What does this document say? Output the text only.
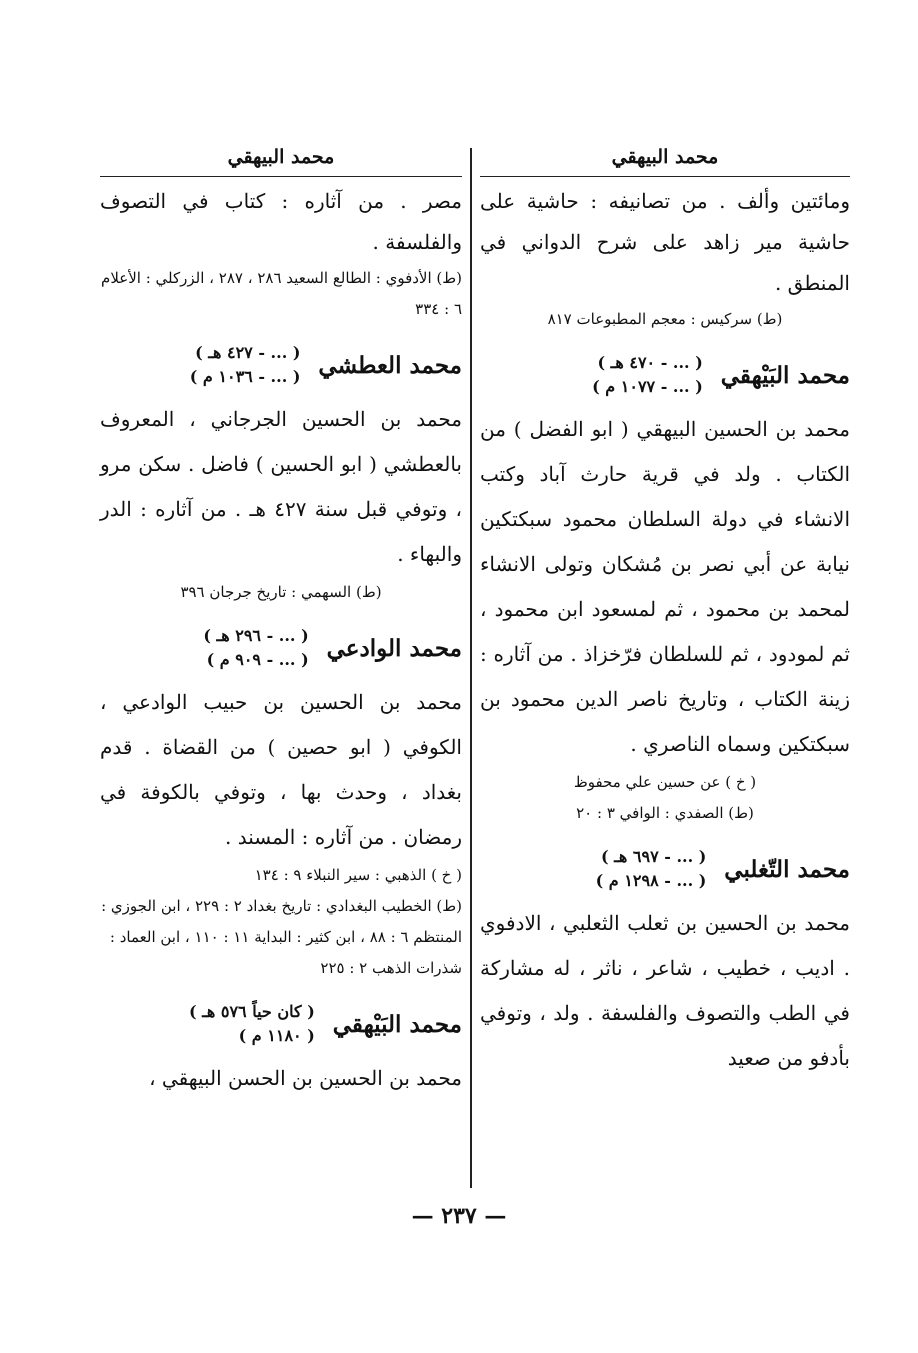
محمد البيهقي
ومائتين وألف . من تصانيفه : حاشية على حاشية مير زاهد على شرح الدواني في المنطق .
(ط) سركيس : معجم المطبوعات ٨١٧
محمد البَيْهقي
( ... - ٤٧٠ هـ )
( ... - ١٠٧٧ م )
محمد بن الحسين البيهقي ( ابو الفضل ) من الكتاب . ولد في قرية حارث آباد وكتب الانشاء في دولة السلطان محمود سبكتكين نيابة عن أبي نصر بن مُشكان وتولى الانشاء لمحمد بن محمود ، ثم لمسعود ابن محمود ، ثم لمودود ، ثم للسلطان فرّخزاذ . من آثاره : زينة الكتاب ، وتاريخ ناصر الدين محمود بن سبكتكين وسماه الناصري .
( خ ) عن حسين علي محفوظ
(ط) الصفدي : الوافي ٣ : ٢٠
محمد التّغلبي
( ... - ٦٩٧ هـ )
( ... - ١٢٩٨ م )
محمد بن الحسين بن ثعلب الثعلبي ، الادفوي . اديب ، خطيب ، شاعر ، ناثر ، له مشاركة في الطب والتصوف والفلسفة . ولد ، وتوفي بأدفو من صعيد
محمد البيهقي
مصر . من آثاره : كتاب في التصوف والفلسفة .
(ط) الأدفوي : الطالع السعيد ٢٨٦ ، ٢٨٧ ، الزركلي : الأعلام ٦ : ٣٣٤
محمد العطشي
( ... - ٤٢٧ هـ )
( ... - ١٠٣٦ م )
محمد بن الحسين الجرجاني ، المعروف بالعطشي ( ابو الحسين ) فاضل . سكن مرو ، وتوفي قبل سنة ٤٢٧ هـ . من آثاره : الدر والبهاء .
(ط) السهمي : تاريخ جرجان ٣٩٦
محمد الوادعي
( ... - ٢٩٦ هـ )
( ... - ٩٠٩ م )
محمد بن الحسين بن حبيب الوادعي ، الكوفي ( ابو حصين ) من القضاة . قدم بغداد ، وحدث بها ، وتوفي بالكوفة في رمضان . من آثاره : المسند .
( خ ) الذهبي : سير النبلاء ٩ : ١٣٤
(ط) الخطيب البغدادي : تاريخ بغداد ٢ : ٢٢٩ ، ابن الجوزي : المنتظم ٦ : ٨٨ ، ابن كثير : البداية ١١ : ١١٠ ، ابن العماد : شذرات الذهب ٢ : ٢٢٥
محمد البَيْهقي
( كان حياً ٥٧٦ هـ )
( ١١٨٠ م )
محمد بن الحسين بن الحسن البيهقي ،
— ٢٣٧ —
